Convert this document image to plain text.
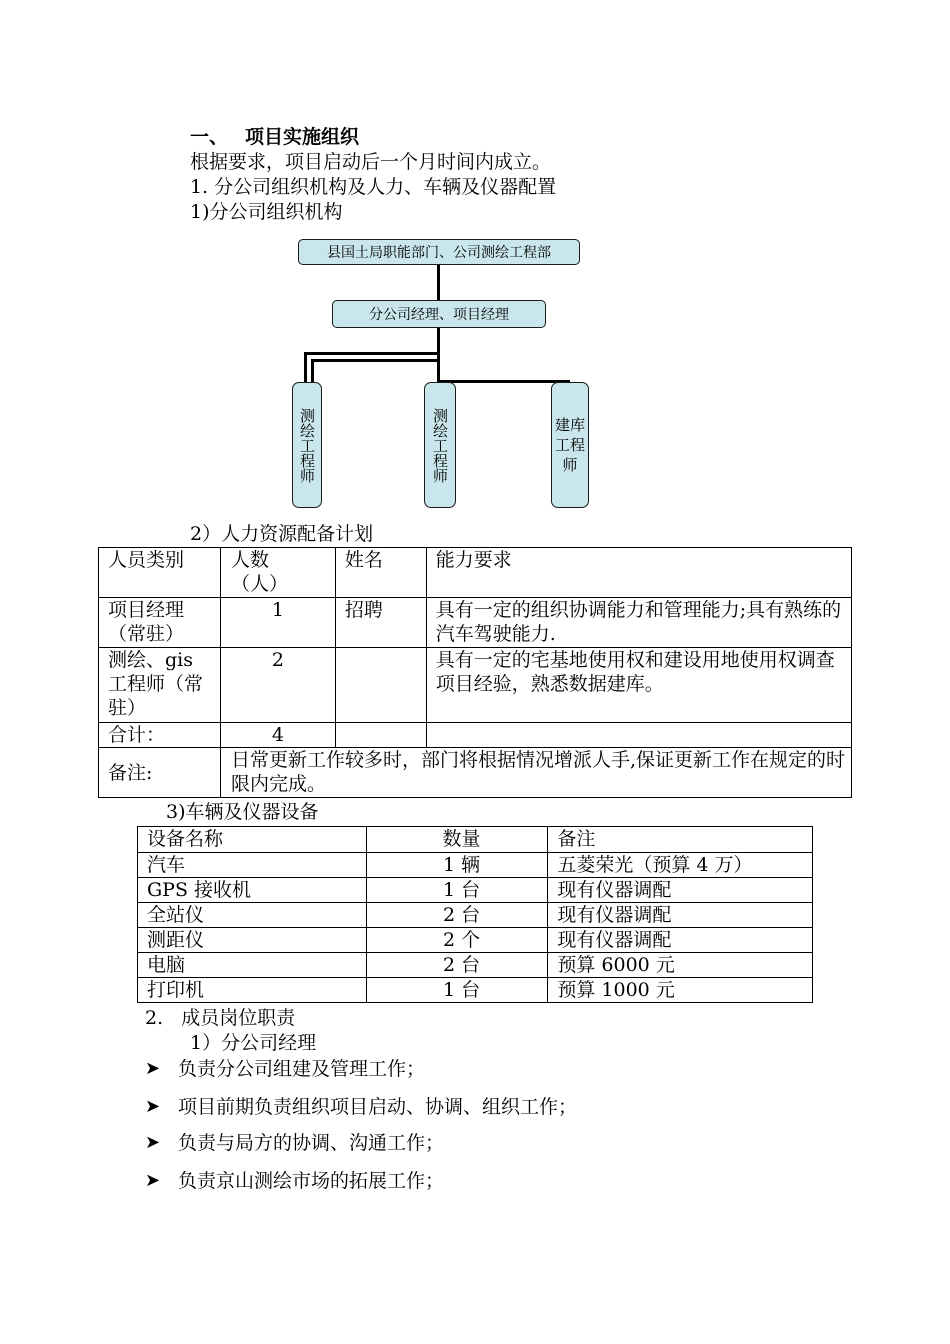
一、 项目实施组织
根据要求，项目启动后一个月时间内成立。
1. 分公司组织机构及人力、车辆及仪器配置
1)分公司组织机构
县国土局职能部门、公司测绘工程部
分公司经理、项目经理
测绘工程师	测绘工程师	建库工程师
2）人力资源配备计划
人员类别	人数（人）	姓名	能力要求

项目经理（常驻）	1	招聘	具有一定的组织协调能力和管理能力;具有熟练的汽车驾驶能力.

测绘、gis工程师（常驻）	2		具有一定的宅基地使用权和建设用地使用权调查项目经验，熟悉数据建库。
合计：	4		
备注:	日常更新工作较多时，部门将根据情况增派人手,保证更新工作在规定的时限内完成。		
3)车辆及仪器设备
设备名称	数量	备注
汽车	1 辆	五菱荣光（预算 4 万）
GPS 接收机	1 台	现有仪器调配
全站仪	2 台	现有仪器调配
测距仪	2 个	现有仪器调配
电脑	2 台	预算 6000 元
打印机	1 台	预算 1000 元
2.   成员岗位职责
1）分公司经理
➤ 负责分公司组建及管理工作；
➤ 项目前期负责组织项目启动、协调、组织工作；
➤ 负责与局方的协调、沟通工作；
➤ 负责京山测绘市场的拓展工作；
